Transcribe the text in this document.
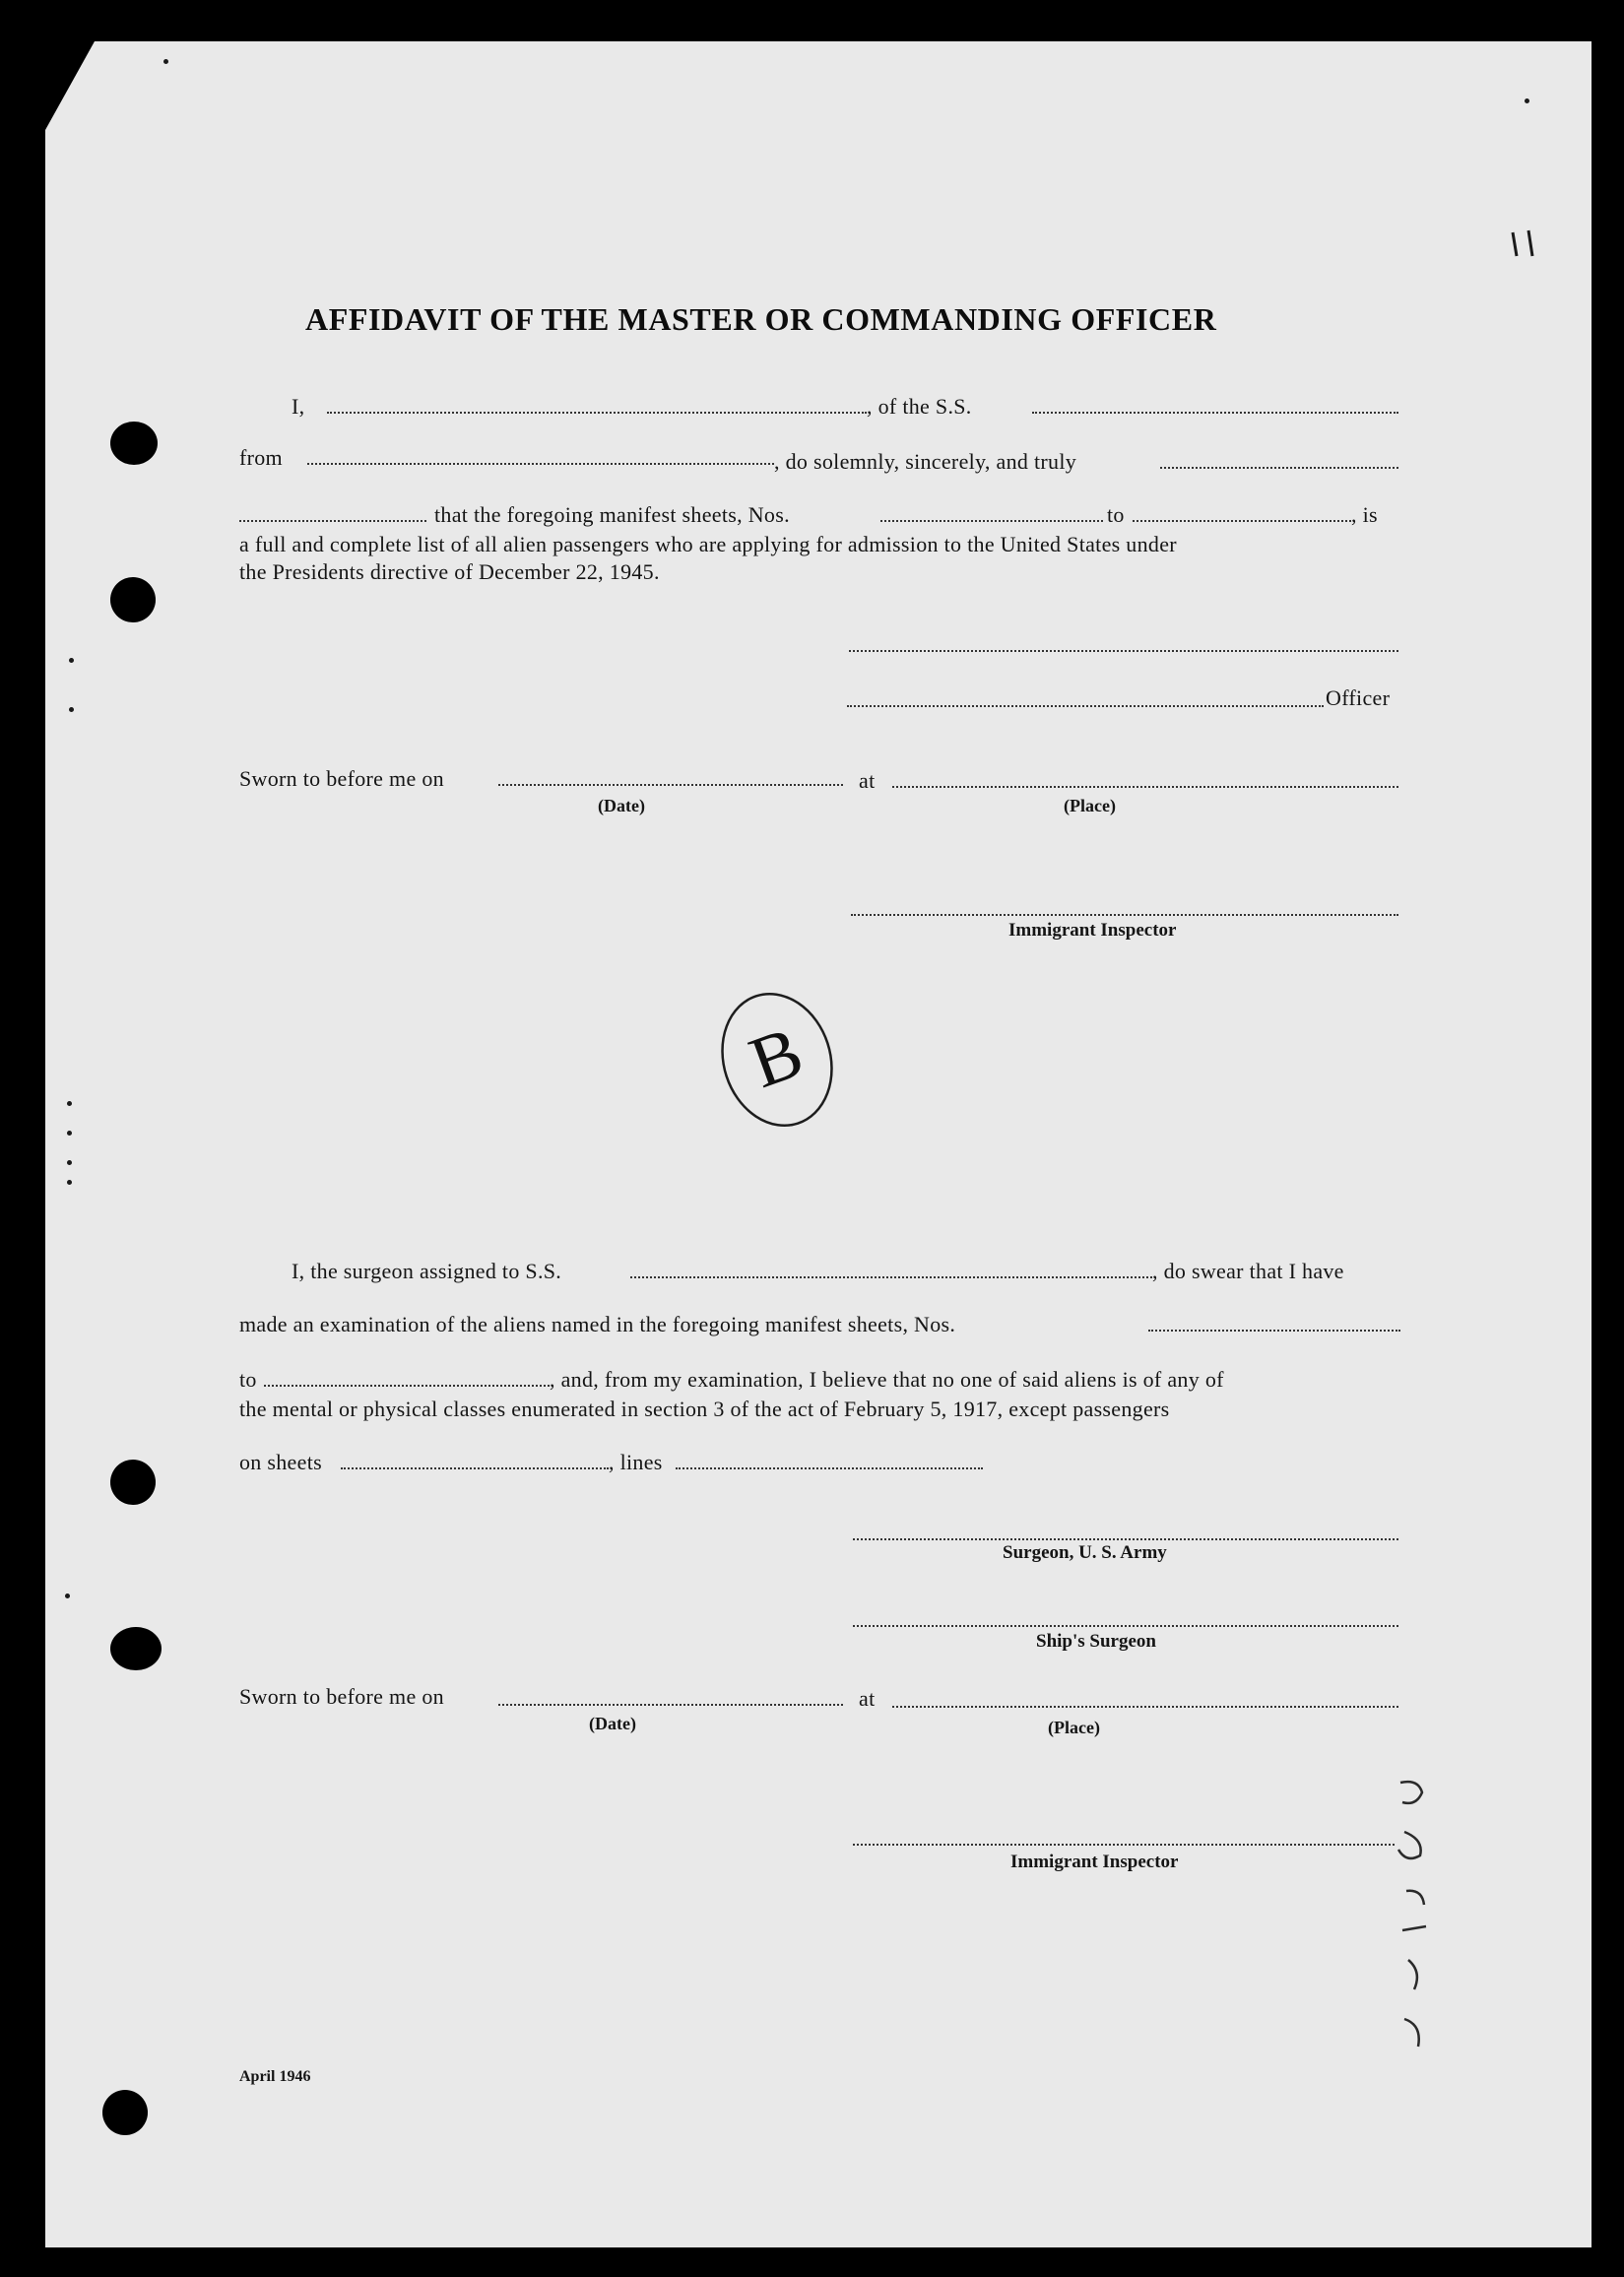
AFFIDAVIT OF THE MASTER OR COMMANDING OFFICER
I,	, of the S.S.
from	, do solemnly, sincerely, and truly
that the foregoing manifest sheets, Nos.	to	, is
a full and complete list of all alien passengers who are applying for admission to the United States under
the Presidents directive of December 22, 1945.
Officer
Sworn to before me on	at
(Date)	(Place)
Immigrant Inspector
B
I, the surgeon assigned to S.S.	, do swear that I have
made an examination of the aliens named in the foregoing manifest sheets, Nos.
to	, and, from my examination, I believe that no one of said aliens is of any of
the mental or physical classes enumerated in section 3 of the act of February 5, 1917, except passengers
on sheets	, lines
Surgeon, U. S. Army
Ship's Surgeon
Sworn to before me on	at
(Date)	(Place)
Immigrant Inspector
April 1946
